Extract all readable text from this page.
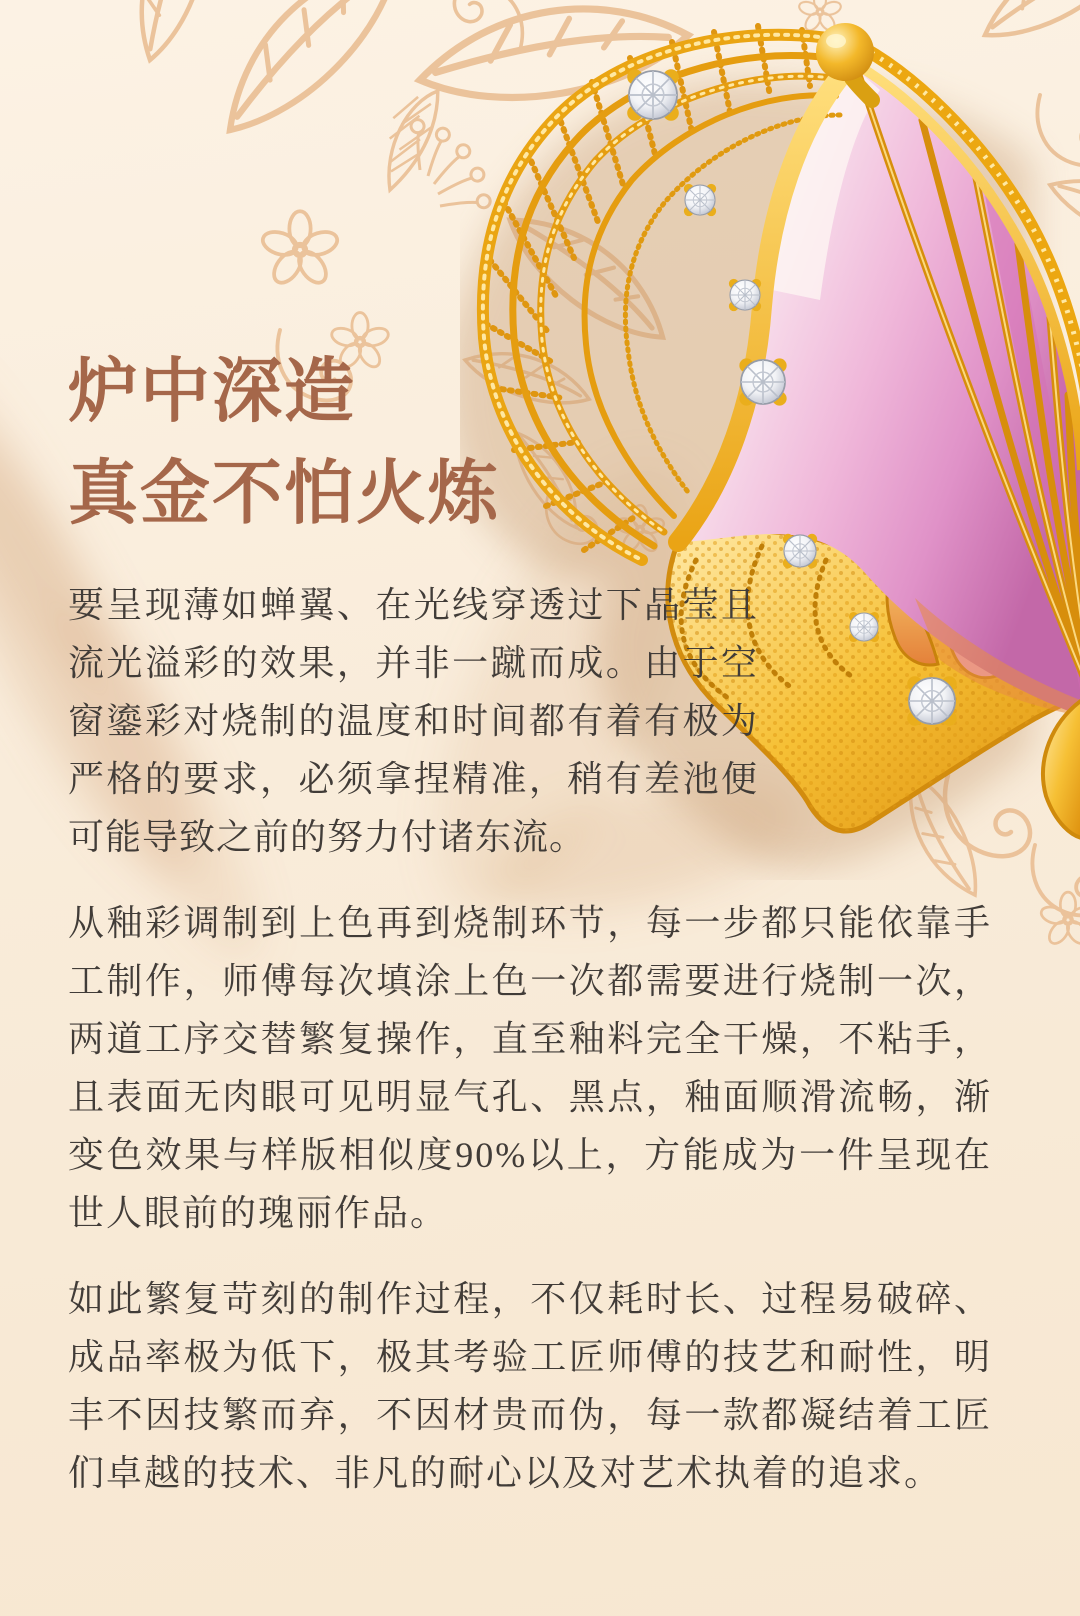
炉中深造
真金不怕火炼

要呈现薄如蝉翼、在光线穿透过下晶莹且流光溢彩的效果，并非一蹴而成。由于空窗鎏彩对烧制的温度和时间都有着有极为严格的要求，必须拿捏精准，稍有差池便可能导致之前的努力付诸东流。

从釉彩调制到上色再到烧制环节，每一步都只能依靠手工制作，师傅每次填涂上色一次都需要进行烧制一次，两道工序交替繁复操作，直至釉料完全干燥，不粘手，且表面无肉眼可见明显气孔、黑点，釉面顺滑流畅，渐变色效果与样版相似度90%以上，方能成为一件呈现在世人眼前的瑰丽作品。

如此繁复苛刻的制作过程，不仅耗时长、过程易破碎、成品率极为低下，极其考验工匠师傅的技艺和耐性，明丰不因技繁而弃，不因材贵而伪，每一款都凝结着工匠们卓越的技术、非凡的耐心以及对艺术执着的追求。
